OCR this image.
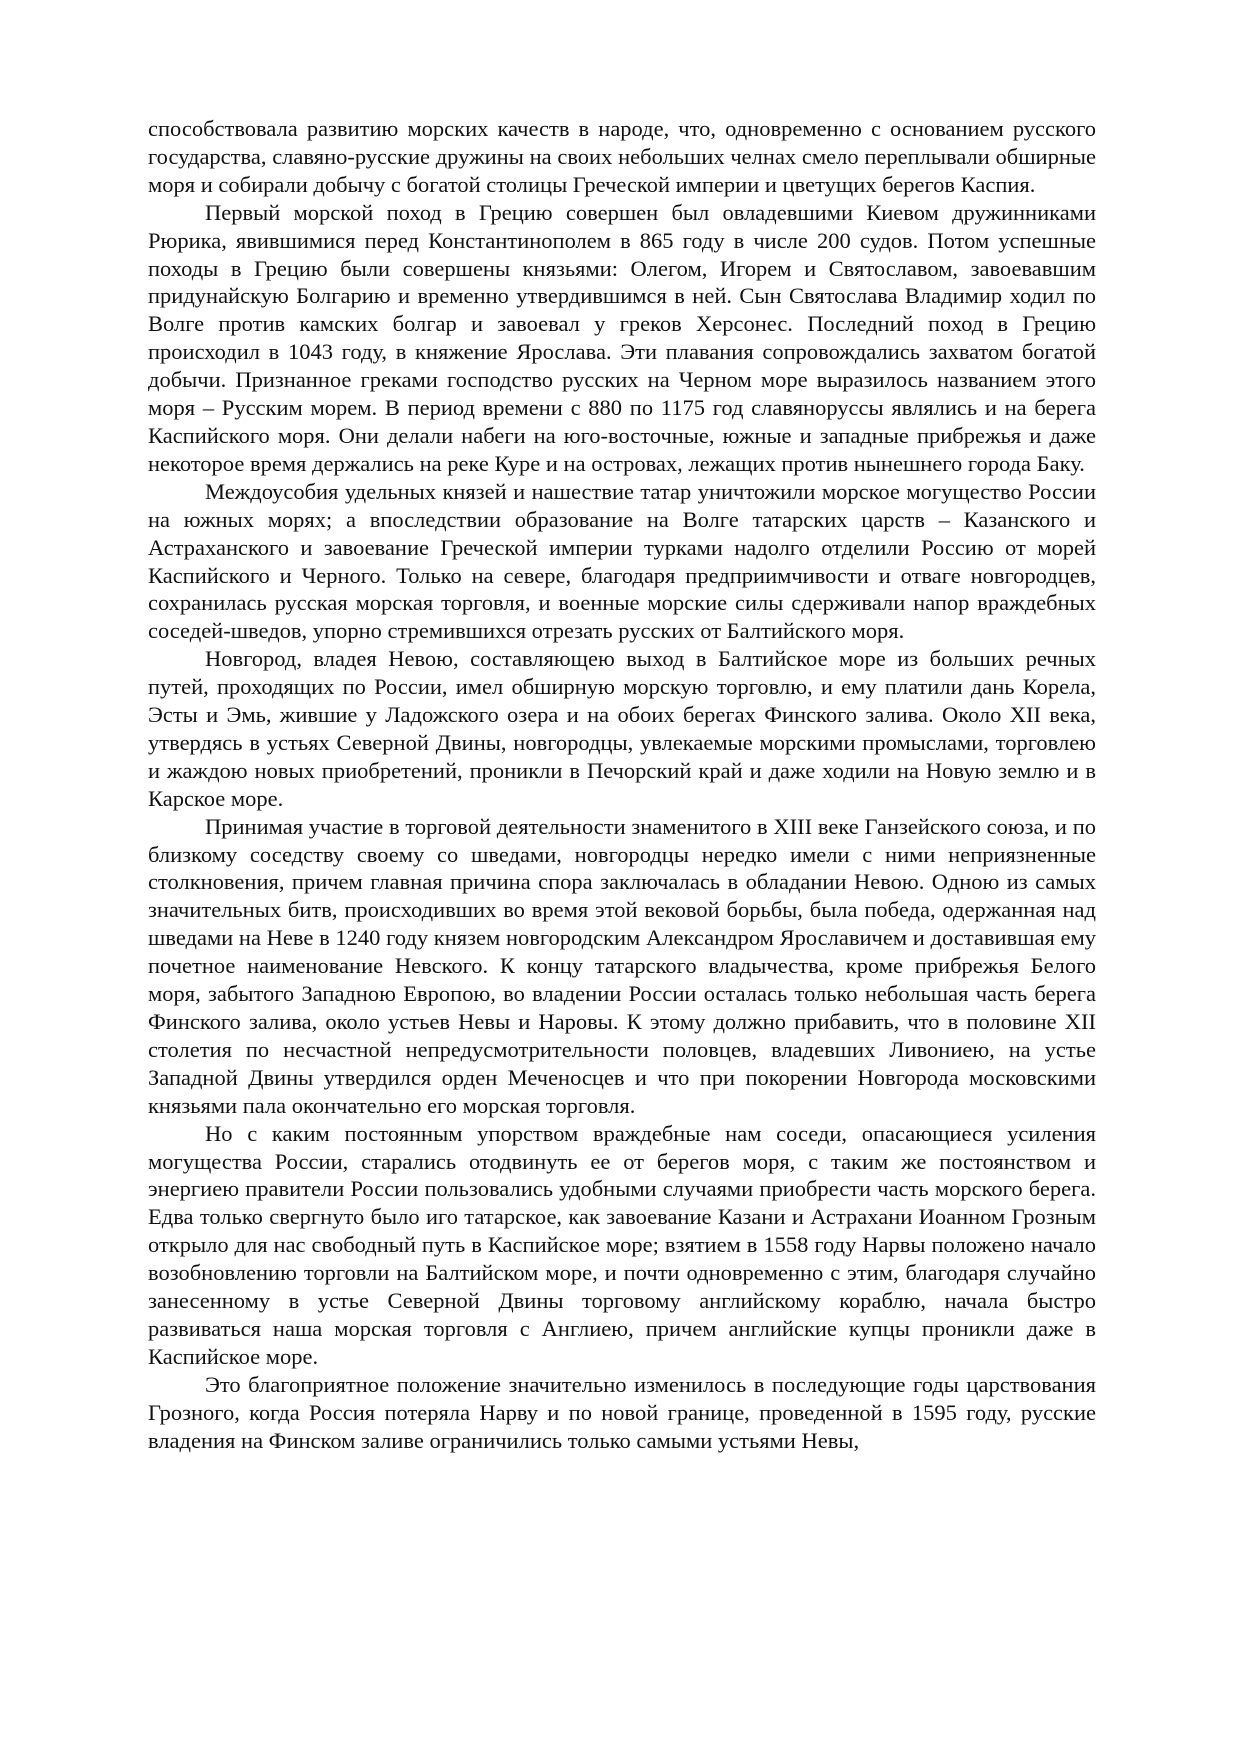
способствовала развитию морских качеств в народе, что, одновременно с основанием русского государства, славяно-русские дружины на своих небольших челнах смело переплывали обширные моря и собирали добычу с богатой столицы Греческой империи и цветущих берегов Каспия.

Первый морской поход в Грецию совершен был овладевшими Киевом дружинниками Рюрика, явившимися перед Константинополем в 865 году в числе 200 судов. Потом успешные походы в Грецию были совершены князьями: Олегом, Игорем и Святославом, завоевавшим придунайскую Болгарию и временно утвердившимся в ней. Сын Святослава Владимир ходил по Волге против камских болгар и завоевал у греков Херсонес. Последний поход в Грецию происходил в 1043 году, в княжение Ярослава. Эти плавания сопровождались захватом богатой добычи. Признанное греками господство русских на Черном море выразилось названием этого моря – Русским морем. В период времени с 880 по 1175 год славянорусcы являлись и на берега Каспийского моря. Они делали набеги на юго-восточные, южные и западные прибрежья и даже некоторое время держались на реке Куре и на островах, лежащих против нынешнего города Баку.

Междоусобия удельных князей и нашествие татар уничтожили морское могущество России на южных морях; а впоследствии образование на Волге татарских царств – Казанского и Астраханского и завоевание Греческой империи турками надолго отделили Россию от морей Каспийского и Черного. Только на севере, благодаря предприимчивости и отваге новгородцев, сохранилась русская морская торговля, и военные морские силы сдерживали напор враждебных соседей-шведов, упорно стремившихся отрезать русских от Балтийского моря.

Новгород, владея Невою, составляющею выход в Балтийское море из больших речных путей, проходящих по России, имел обширную морскую торговлю, и ему платили дань Корела, Эсты и Эмь, жившие у Ладожского озера и на обоих берегах Финского залива. Около XII века, утвердясь в устьях Северной Двины, новгородцы, увлекаемые морскими промыслами, торговлею и жаждою новых приобретений, проникли в Печорский край и даже ходили на Новую землю и в Карское море.

Принимая участие в торговой деятельности знаменитого в XIII веке Ганзейского союза, и по близкому соседству своему со шведами, новгородцы нередко имели с ними неприязненные столкновения, причем главная причина спора заключалась в обладании Невою. Одною из самых значительных битв, происходивших во время этой вековой борьбы, была победа, одержанная над шведами на Неве в 1240 году князем новгородским Александром Ярославичем и доставившая ему почетное наименование Невского. К концу татарского владычества, кроме прибрежья Белого моря, забытого Западною Европою, во владении России осталась только небольшая часть берега Финского залива, около устьев Невы и Наровы. К этому должно прибавить, что в половине XII столетия по несчастной непредусмотрительности половцев, владевших Ливониею, на устье Западной Двины утвердился орден Меченосцев и что при покорении Новгорода московскими князьями пала окончательно его морская торговля.

Но с каким постоянным упорством враждебные нам соседи, опасающиеся усиления могущества России, старались отодвинуть ее от берегов моря, с таким же постоянством и энергиею правители России пользовались удобными случаями приобрести часть морского берега. Едва только свергнуто было иго татарское, как завоевание Казани и Астрахани Иоанном Грозным открыло для нас свободный путь в Каспийское море; взятием в 1558 году Нарвы положено начало возобновлению торговли на Балтийском море, и почти одновременно с этим, благодаря случайно занесенному в устье Северной Двины торговому английскому кораблю, начала быстро развиваться наша морская торговля с Англиею, причем английские купцы проникли даже в Каспийское море.

Это благоприятное положение значительно изменилось в последующие годы царствования Грозного, когда Россия потеряла Нарву и по новой границе, проведенной в 1595 году, русские владения на Финском заливе ограничились только самыми устьями Невы,
